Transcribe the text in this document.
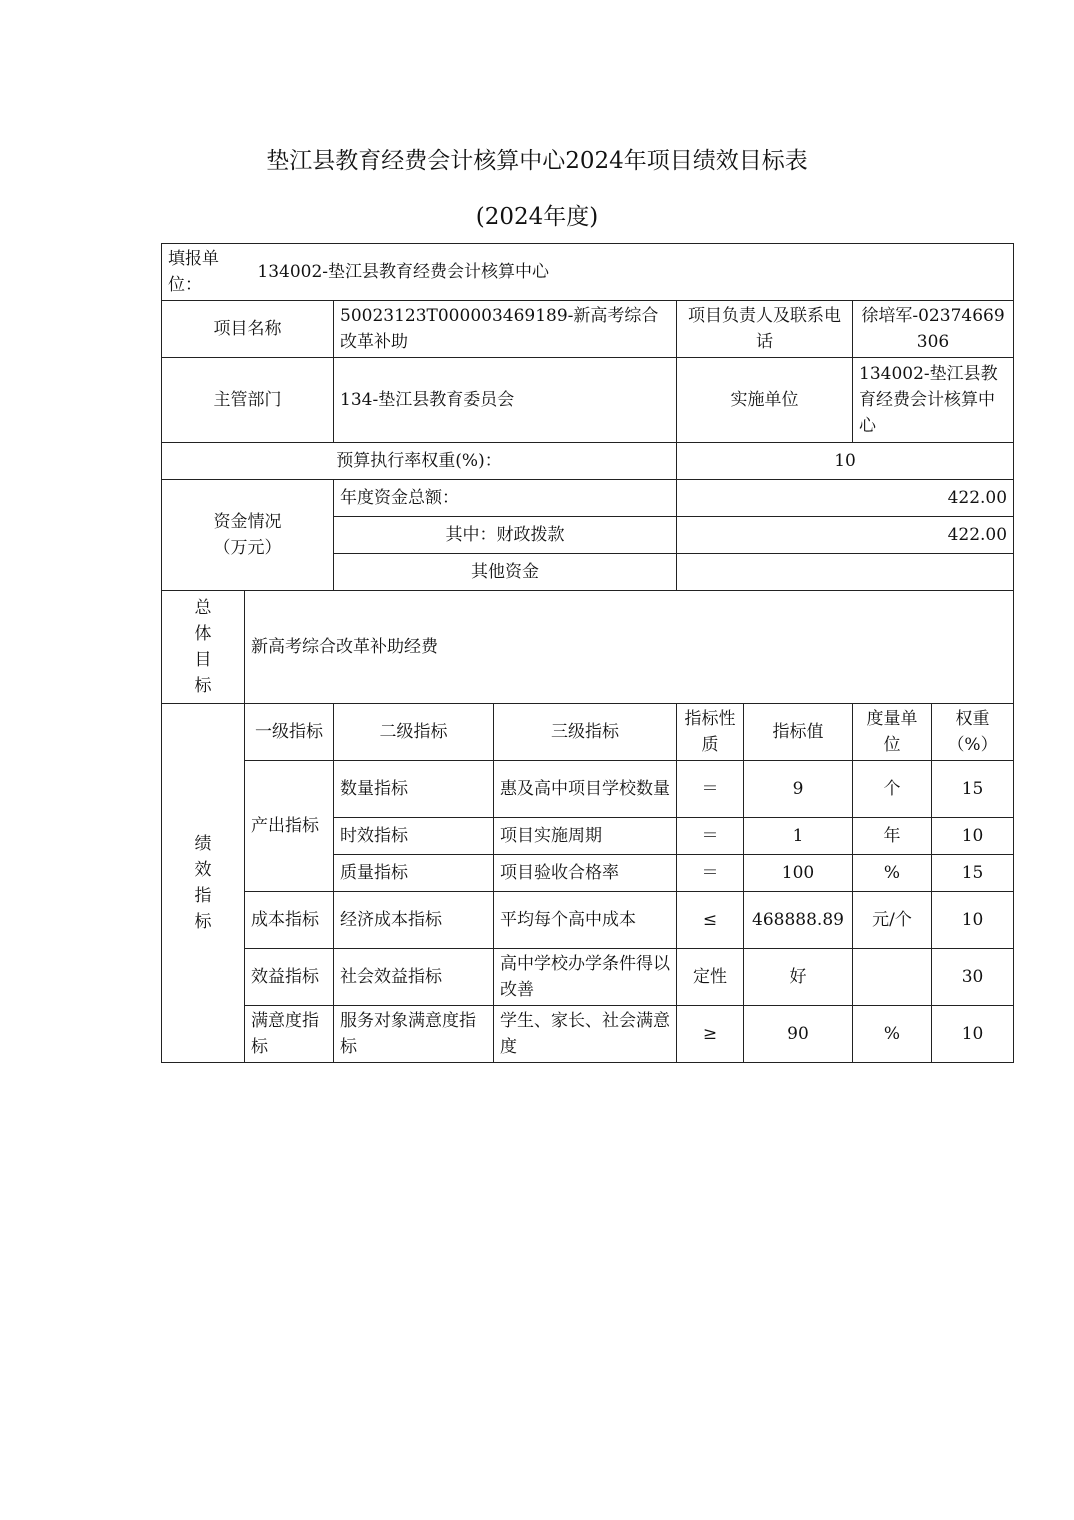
垫江县教育经费会计核算中心2024年项目绩效目标表
(2024年度)
填报单位： 134002-垫江县教育经费会计核算中心							
项目名称		50023123T000003469189-新高考综合改革补助		项目负责人及联系电话		徐培军-02374669306	
主管部门		134-垫江县教育委员会		实施单位		134002-垫江县教育经费会计核算中心	
预算执行率权重(%)：				10			
资金情况（万元）		年度资金总额：		422.00			
		其中：财政拨款		422.00			
		其他资金					
总体目标	新高考综合改革补助经费						
绩效指标	一级指标	二级指标	三级指标	指标性质	指标值	度量单位	权重（%）
	产出指标	数量指标	惠及高中项目学校数量	＝	9	个	15
		时效指标	项目实施周期	＝	1	年	10
		质量指标	项目验收合格率	＝	100	%	15
	成本指标	经济成本指标	平均每个高中成本	≤	468888.89	元/个	10
	效益指标	社会效益指标	高中学校办学条件得以改善	定性	好		30
	满意度指标	服务对象满意度指标	学生、家长、社会满意度	≥	90	%	10
